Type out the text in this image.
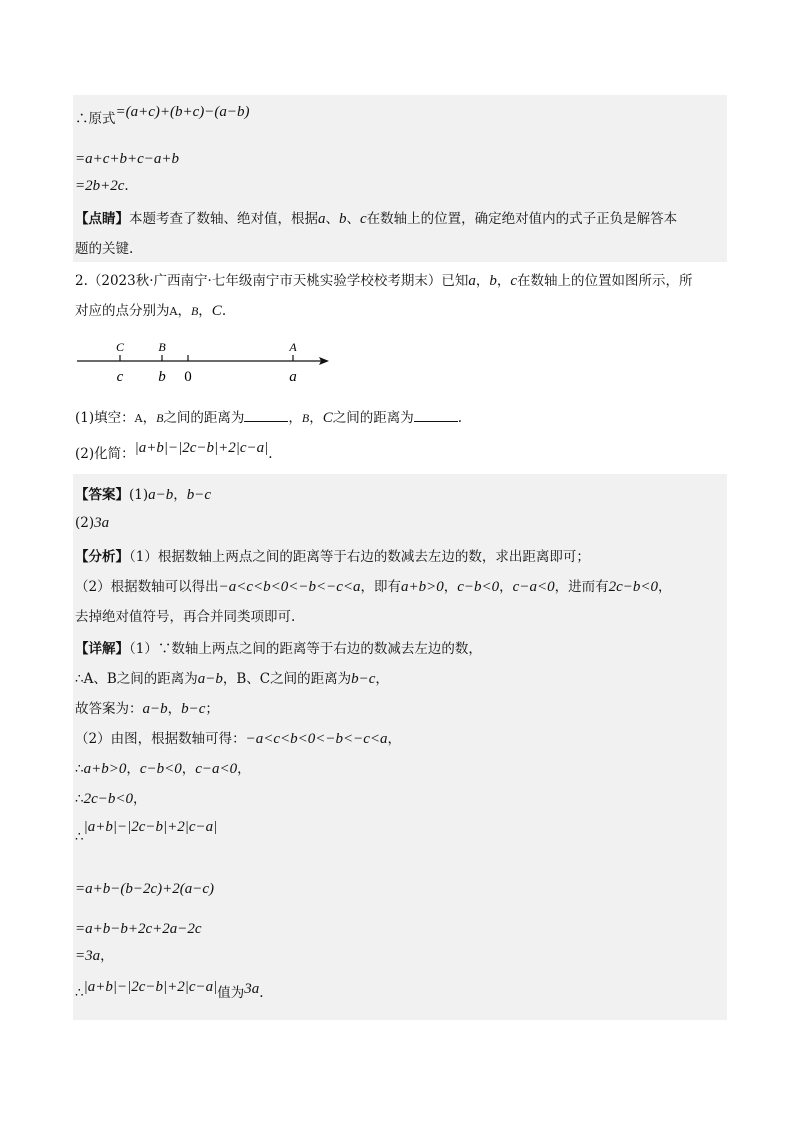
∴原式=(a+c)+(b+c)−(a−b)
=a+c+b+c−a+b
=2b+2c.
【点睛】本题考查了数轴、绝对值，根据a、b、c在数轴上的位置，确定绝对值内的式子正负是解答本
题的关键.
2.（2023秋·广西南宁·七年级南宁市天桃实验学校校考期末）已知a，b，c在数轴上的位置如图所示，所
对应的点分别为A，B，C.
C	B	A
c b 0	a
(1)填空：A，B之间的距离为	，B，C之间的距离为	.
(2)化简：|a+b|−|2c−b|+2|c−a|.
【答案】(1)a−b，b−c
(2)3a
【分析】（1）根据数轴上两点之间的距离等于右边的数减去左边的数，求出距离即可；
（2）根据数轴可以得出−a<c<b<0<−b<−c<a，即有a+b>0，c−b<0，c−a<0，进而有2c−b<0，
去掉绝对值符号，再合并同类项即可.
【详解】（1）∵数轴上两点之间的距离等于右边的数减去左边的数，
∴A、B之间的距离为a−b，B、C之间的距离为b−c，
故答案为：a−b，b−c；
（2）由图，根据数轴可得：−a<c<b<0<−b<−c<a，
∴a+b>0，c−b<0，c−a<0，
∴2c−b<0，
∴|a+b|−|2c−b|+2|c−a|
=a+b−(b−2c)+2(a−c)
=a+b−b+2c+2a−2c
=3a，
∴|a+b|−|2c−b|+2|c−a|值为3a.
